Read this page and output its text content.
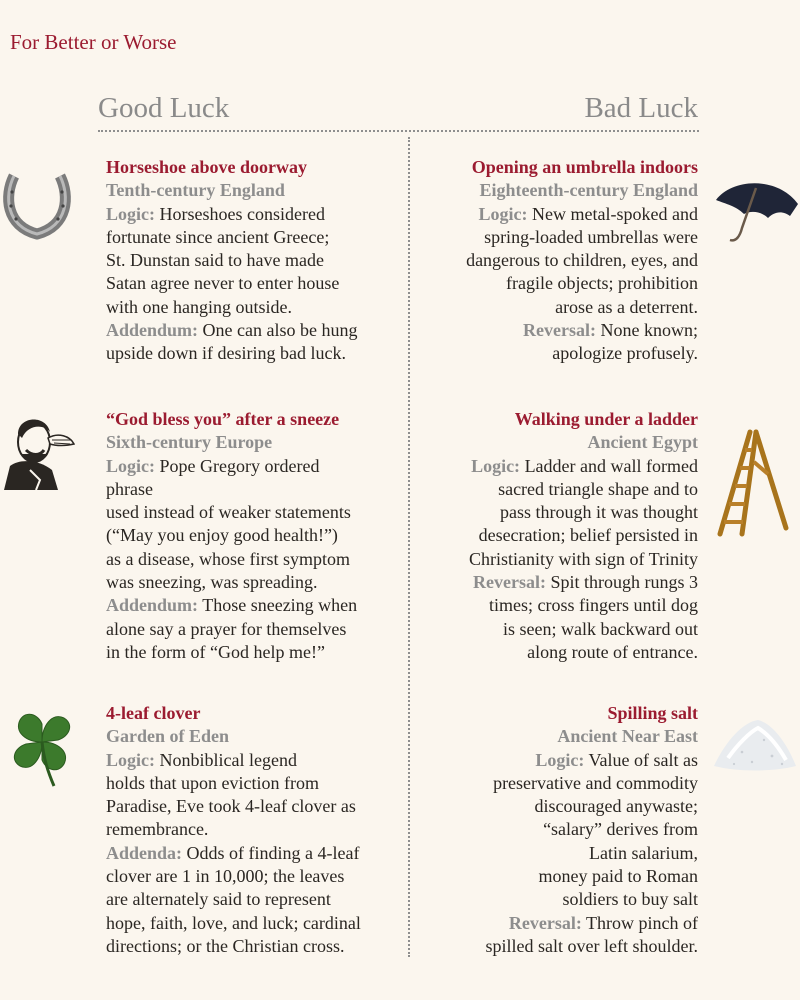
For Better or Worse
Good Luck	Bad Luck
Horseshoe above doorway
Tenth-century England
Logic: Horseshoes considered
fortunate since ancient Greece;
St. Dunstan said to have made
Satan agree never to enter house
with one hanging outside.
Addendum: One can also be hung
upside down if desiring bad luck.
“God bless you” after a sneeze
Sixth-century Europe
Logic: Pope Gregory ordered
phrase
used instead of weaker statements
(“May you enjoy good health!”)
as a disease, whose first symptom
was sneezing, was spreading.
Addendum: Those sneezing when
alone say a prayer for themselves
in the form of “God help me!”
4-leaf clover
Garden of Eden
Logic: Nonbiblical legend
holds that upon eviction from
Paradise, Eve took 4-leaf clover as
remembrance.
Addenda: Odds of finding a 4-leaf
clover are 1 in 10,000; the leaves
are alternately said to represent
hope, faith, love, and luck; cardinal
directions; or the Christian cross.
Opening an umbrella indoors
Eighteenth-century England
Logic: New metal-spoked and
spring-loaded umbrellas were
dangerous to children, eyes, and
fragile objects; prohibition
arose as a deterrent.
Reversal: None known;
apologize profusely.
Walking under a ladder
Ancient Egypt
Logic: Ladder and wall formed
sacred triangle shape and to
pass through it was thought
desecration; belief persisted in
Christianity with sign of Trinity
Reversal: Spit through rungs 3
times; cross fingers until dog
is seen; walk backward out
along route of entrance.
Spilling salt
Ancient Near East
Logic: Value of salt as
preservative and commodity
discouraged anywaste;
“salary” derives from
Latin salarium,
money paid to Roman
soldiers to buy salt
Reversal: Throw pinch of
spilled salt over left shoulder.
